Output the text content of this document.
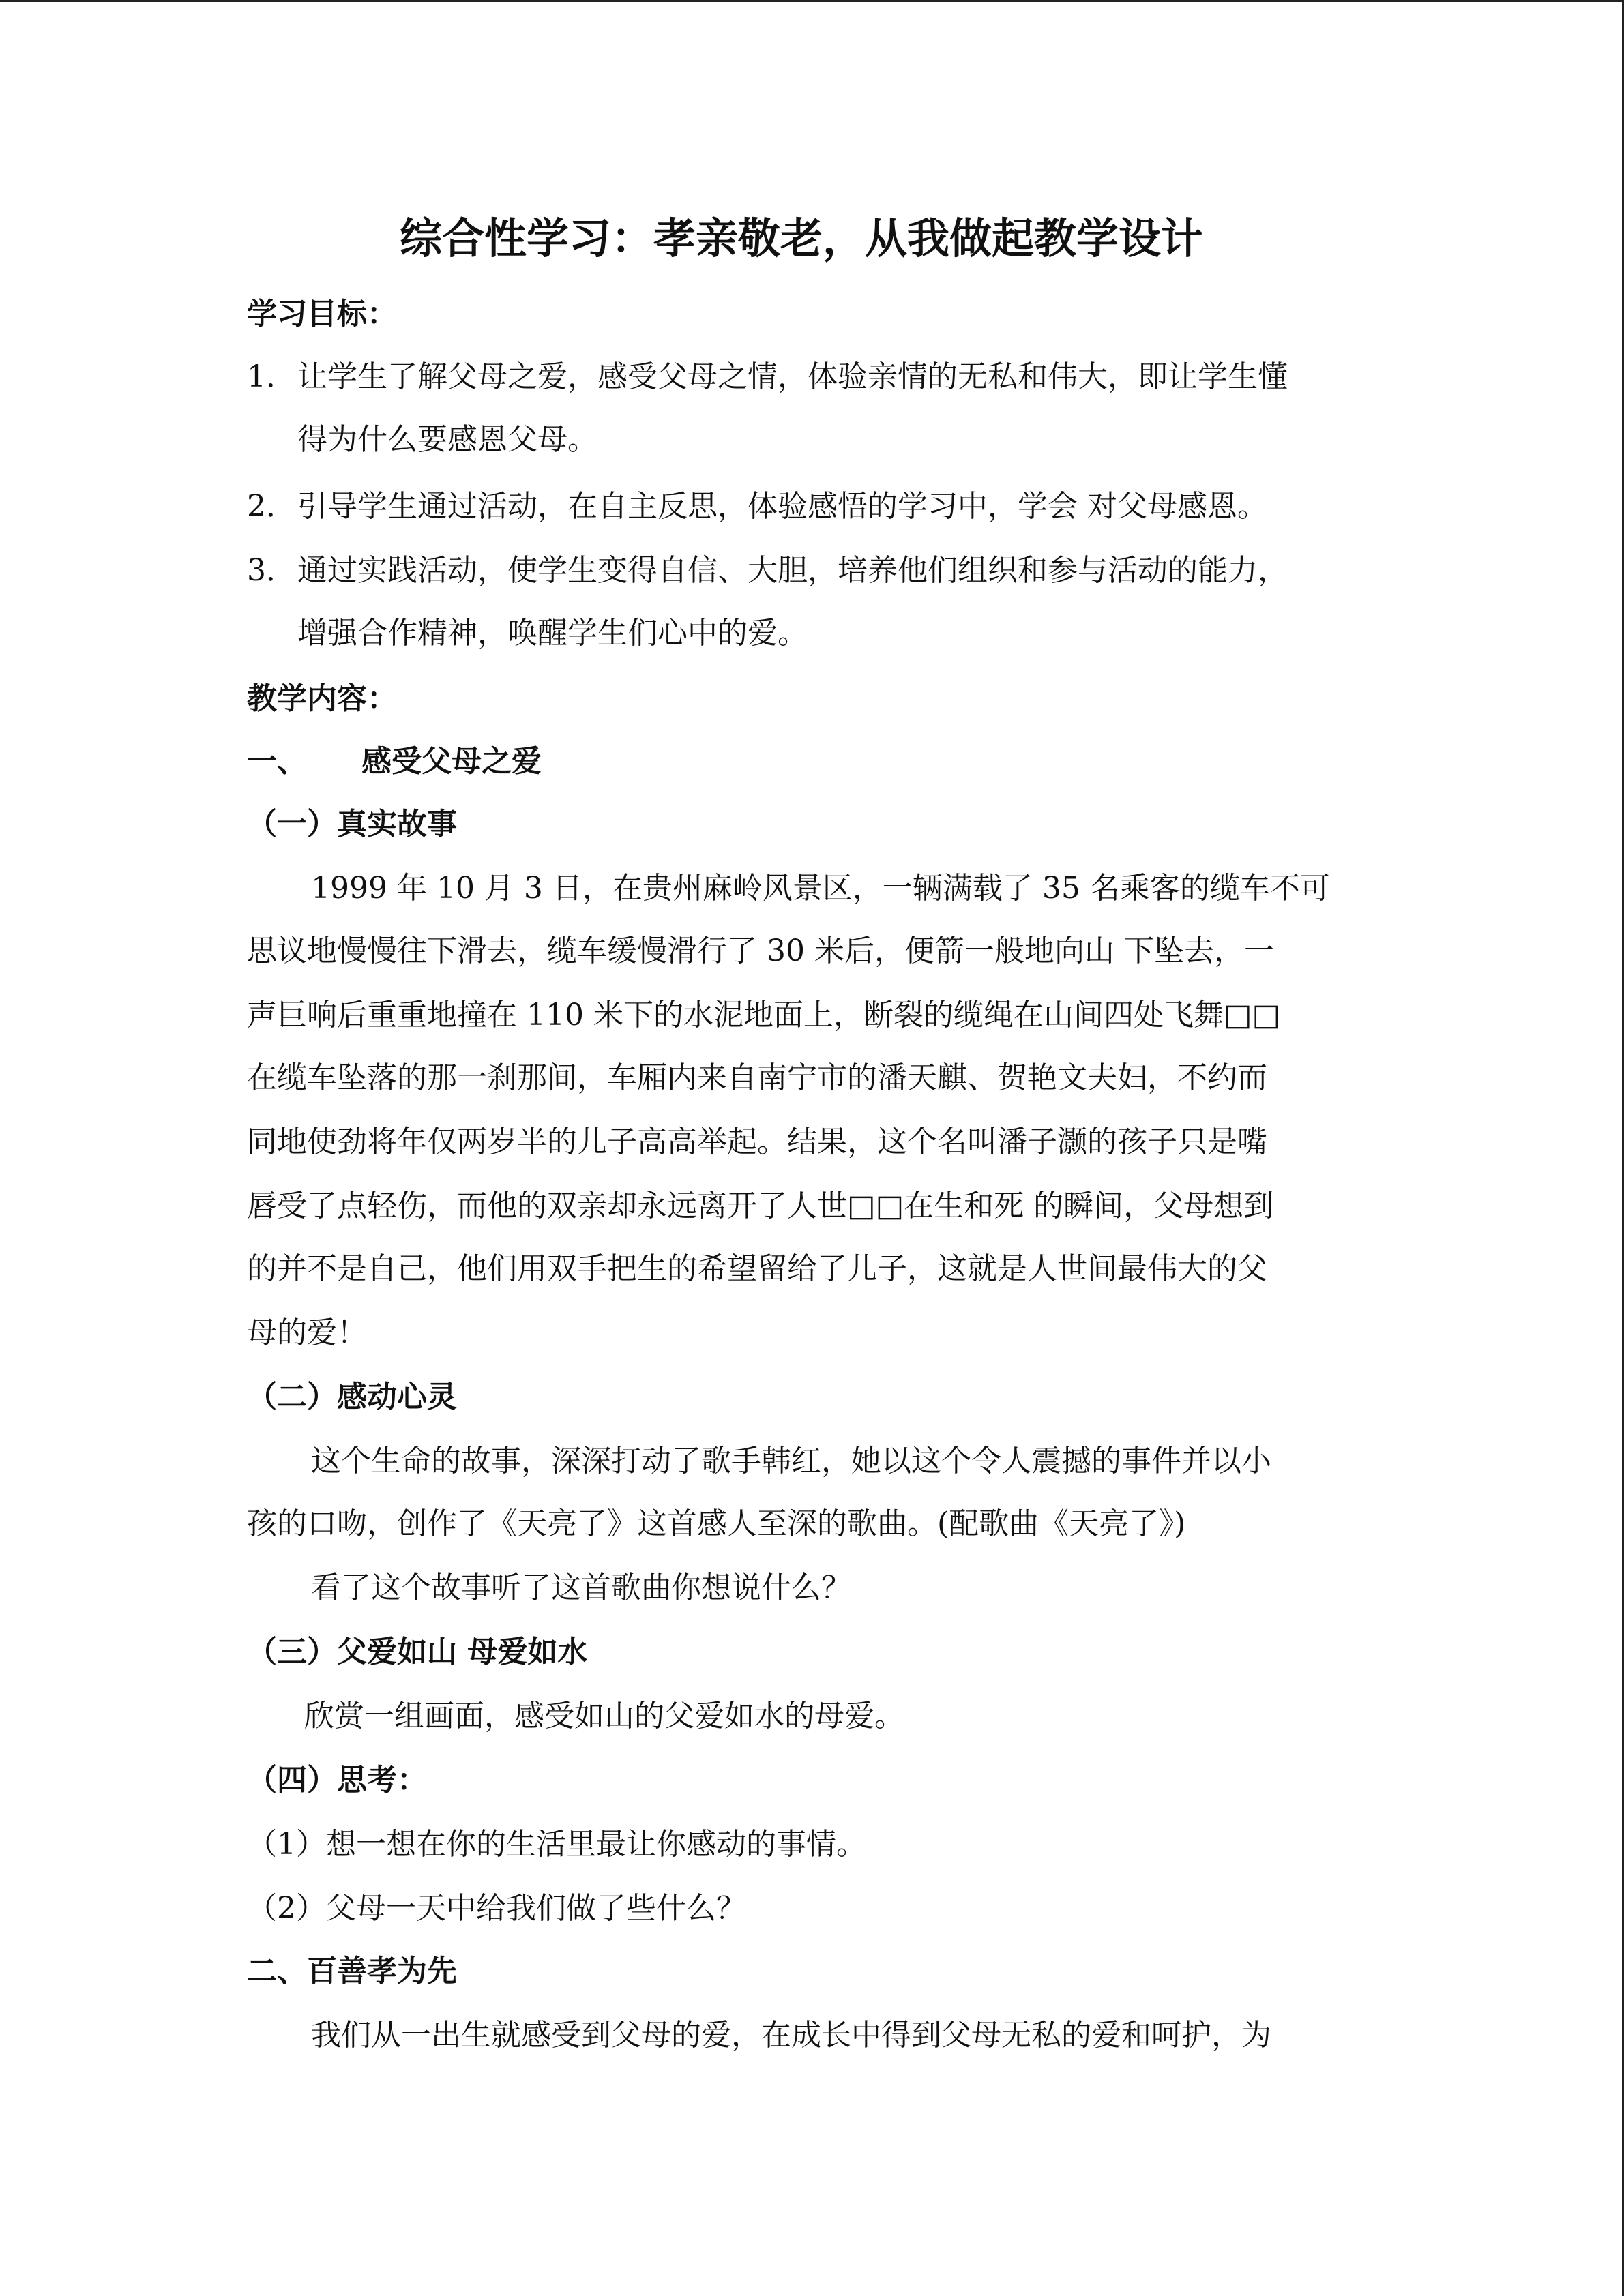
综合性学习：孝亲敬老，从我做起教学设计
学习目标：
1． 让学生了解父母之爱，感受父母之情，体验亲情的无私和伟大，即让学生懂
得为什么要感恩父母。
2． 引导学生通过活动，在自主反思，体验感悟的学习中，学会 对父母感恩。
3． 通过实践活动，使学生变得自信、大胆，培养他们组织和参与活动的能力，
增强合作精神，唤醒学生们心中的爱。
教学内容：
一、 感受父母之爱
（一）真实故事
1999 年 10 月 3 日，在贵州麻岭风景区，一辆满载了 35 名乘客的缆车不可
思议地慢慢往下滑去，缆车缓慢滑行了 30 米后，便箭一般地向山 下坠去，一
声巨响后重重地撞在 110 米下的水泥地面上，断裂的缆绳在山间四处飞舞□□
在缆车坠落的那一刹那间，车厢内来自南宁市的潘天麒、贺艳文夫妇，不约而
同地使劲将年仅两岁半的儿子高高举起。结果，这个名叫潘子灏的孩子只是嘴
唇受了点轻伤，而他的双亲却永远离开了人世□□在生和死 的瞬间，父母想到
的并不是自己，他们用双手把生的希望留给了儿子，这就是人世间最伟大的父
母的爱！
（二）感动心灵
这个生命的故事，深深打动了歌手韩红，她以这个令人震撼的事件并以小
孩的口吻，创作了《天亮了》这首感人至深的歌曲。(配歌曲《天亮了》)
看了这个故事听了这首歌曲你想说什么？
（三）父爱如山 母爱如水
欣赏一组画面，感受如山的父爱如水的母爱。
（四）思考：
（1）想一想在你的生活里最让你感动的事情。
（2）父母一天中给我们做了些什么？
二、百善孝为先
我们从一出生就感受到父母的爱，在成长中得到父母无私的爱和呵护，为
